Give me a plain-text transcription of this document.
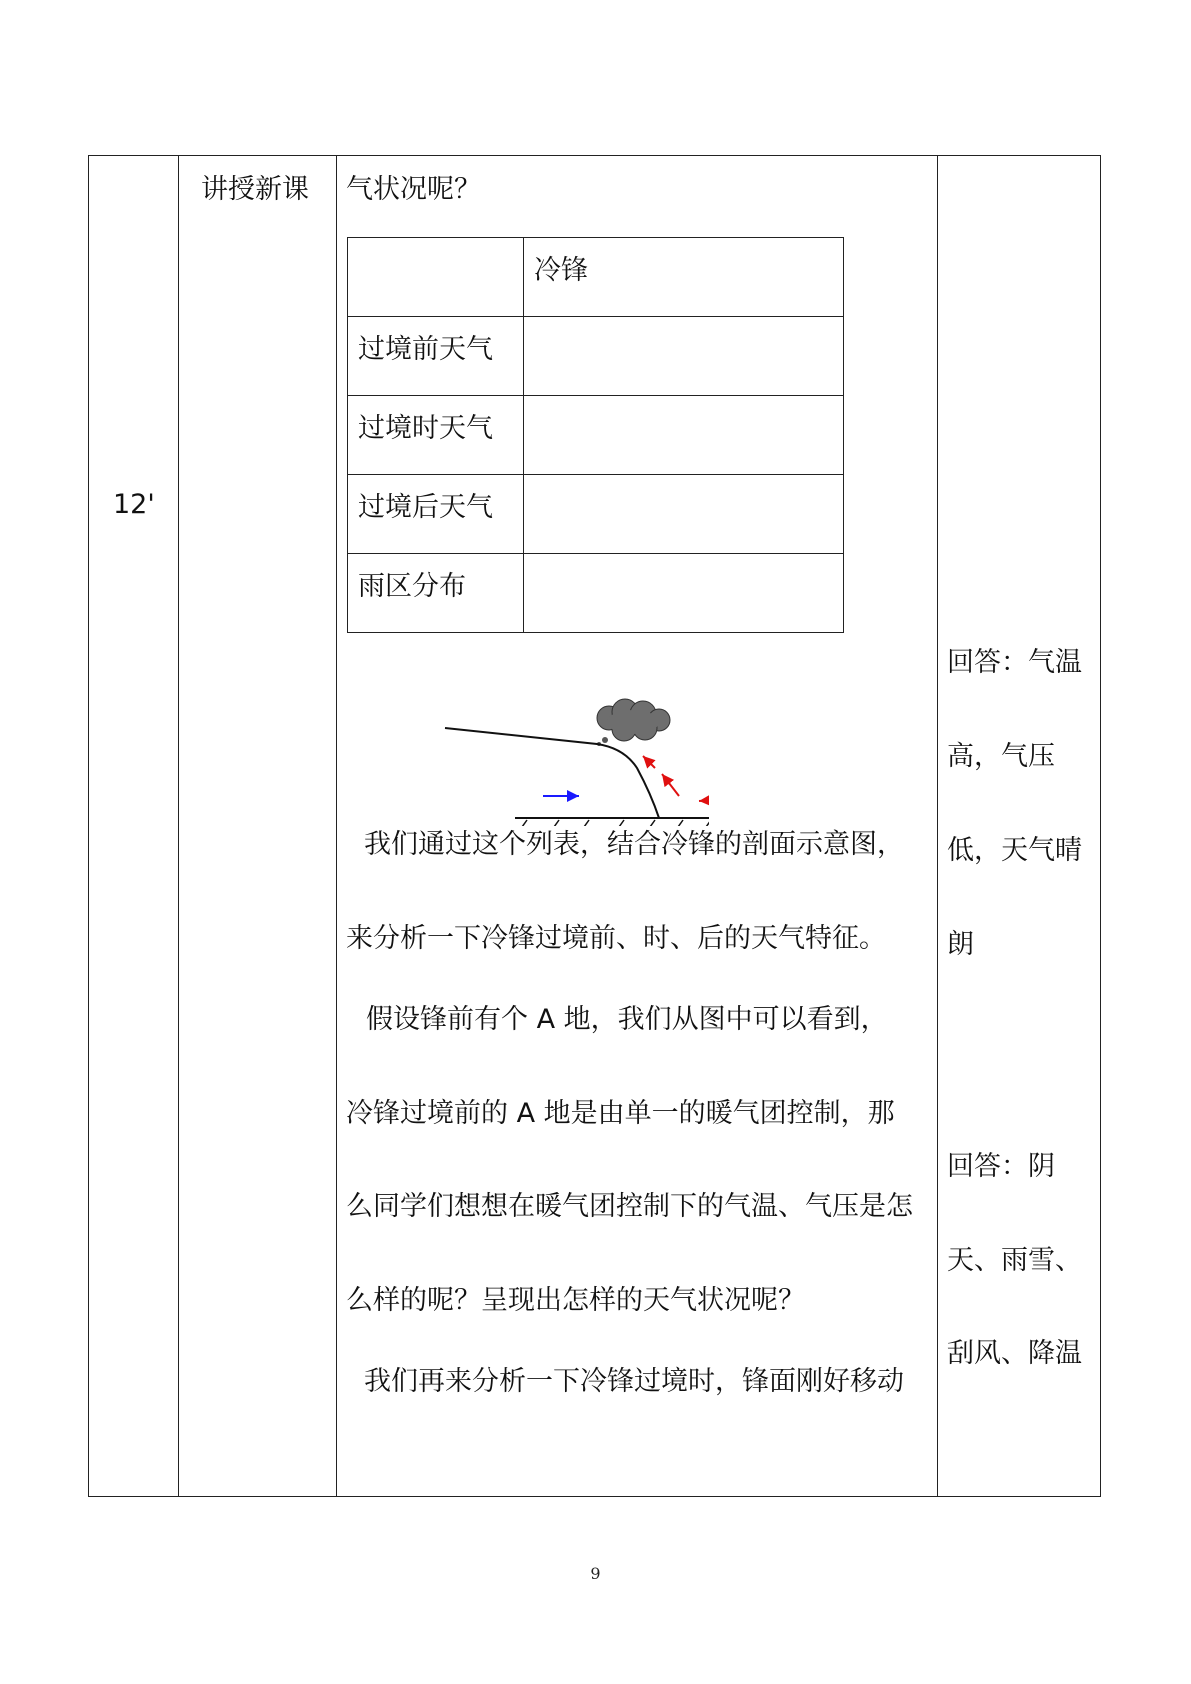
12'
讲授新课 气状况呢？

	冷锋

过境前天气	

过境时天气	

过境后天气	

雨区分布	

我们通过这个列表，结合冷锋的剖面示意图，
来分析一下冷锋过境前、时、后的天气特征。
假设锋前有个 A 地，我们从图中可以看到，
冷锋过境前的 A 地是由单一的暖气团控制，那
么同学们想想在暖气团控制下的气温、气压是怎
么样的呢？呈现出怎样的天气状况呢？
我们再来分析一下冷锋过境时，锋面刚好移动
回答：气温
高，气压
低，天气晴
朗
回答：阴
天、雨雪、
刮风、降温
9
